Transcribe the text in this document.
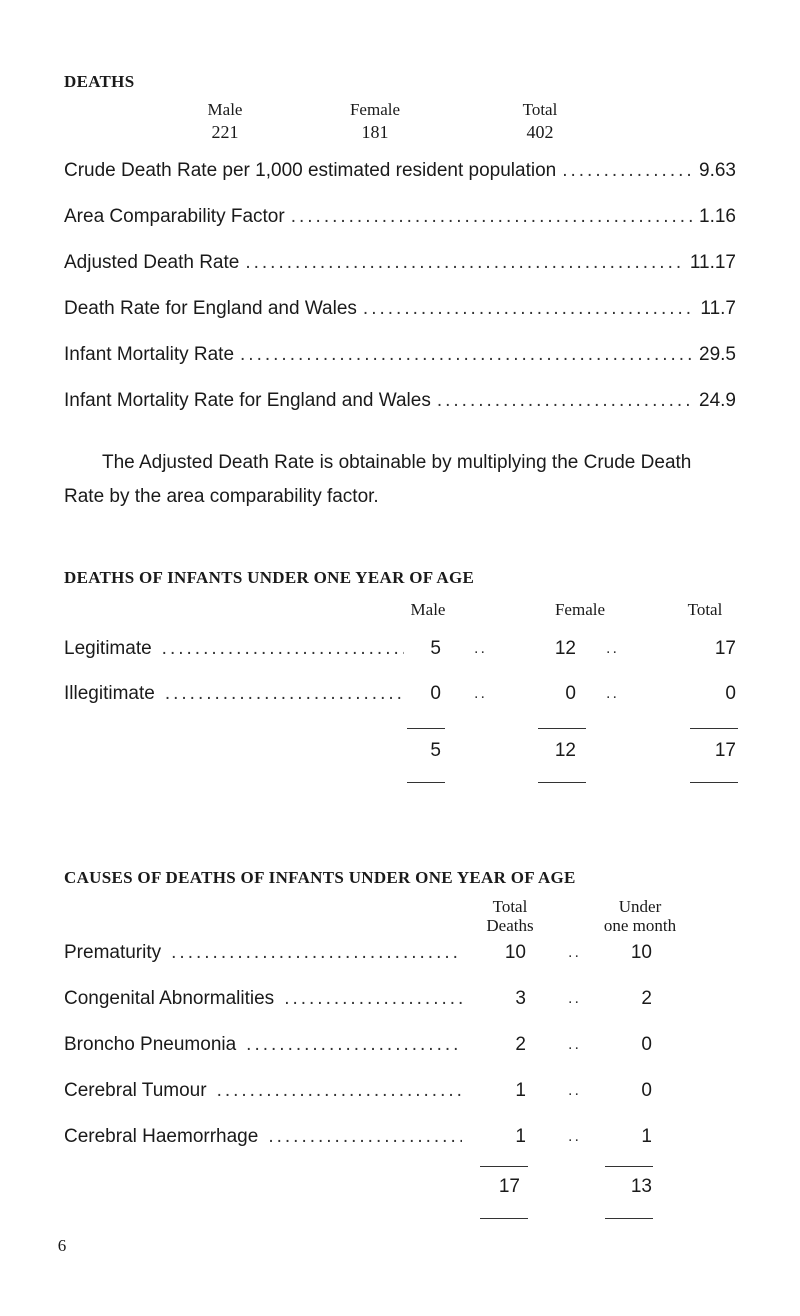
DEATHS
Male	Female	Total
221	181	402
Crude Death Rate per 1,000 estimated resident population .....	9.63
Area Comparability Factor .....	1.16
Adjusted Death Rate .....	11.17
Death Rate for England and Wales .....	11.7
Infant Mortality Rate .....	29.5
Infant Mortality Rate for England and Wales .....	24.9
The Adjusted Death Rate is obtainable by multiplying the Crude Death Rate by the area comparability factor.
DEATHS OF INFANTS UNDER ONE YEAR OF AGE
Male	Female	Total
Legitimate .....	5 ..	12 ..	17
Illegitimate .....	0 ..	0 ..	0
5	12	17
CAUSES OF DEATHS OF INFANTS UNDER ONE YEAR OF AGE
Total
Deaths
Under
one month
Prematurity .....	10	..	10
Congenital Abnormalities .....	3	..	2
Broncho Pneumonia .....	2	..	0
Cerebral Tumour .....	1	..	0
Cerebral Haemorrhage .....	1	..	1
17	13
6
